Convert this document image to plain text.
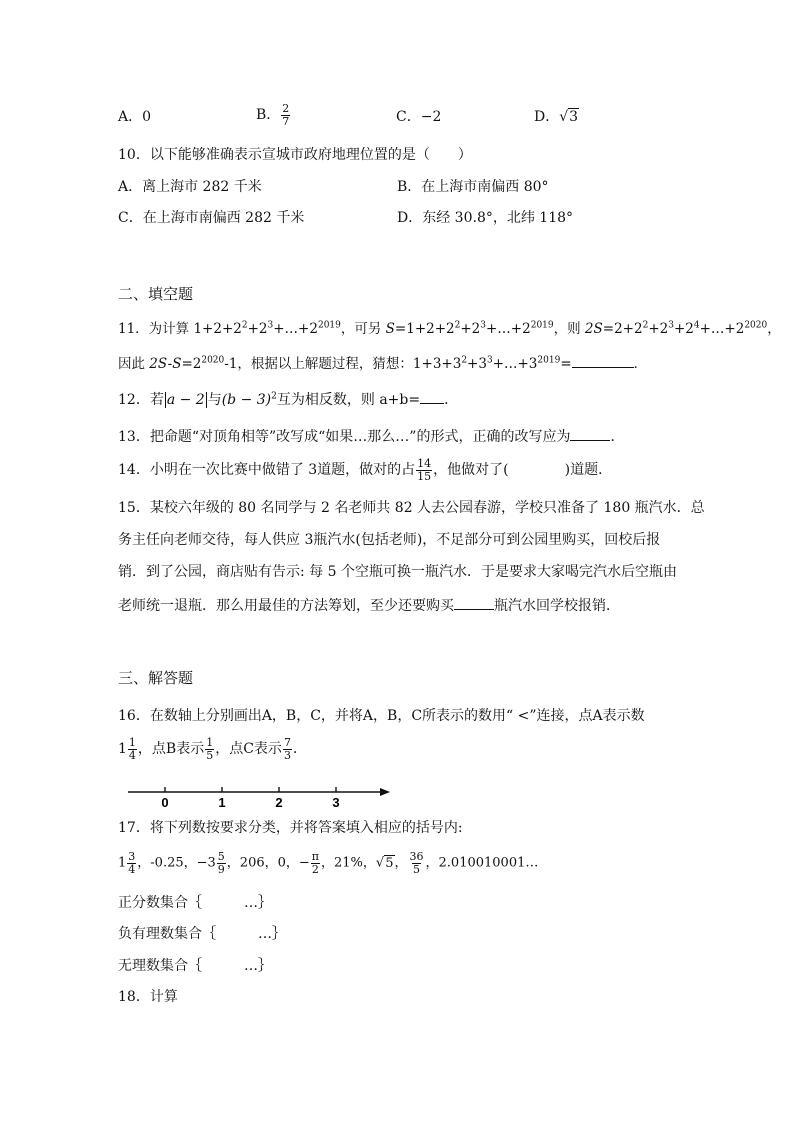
A．0	B． $\frac{2}{7}$	C．−2	D．√3
10．以下能够准确表示宣城市政府地理位置的是（　　）
A．离上海市 282 千米	B．在上海市南偏西 80°
C．在上海市南偏西 282 千米	D．东经 30.8°，北纬 118°
二、填空题
11．为计算 $1+2+2^2+2^3+\dots+2^{2019}$，可另 $S=1+2+2^2+2^3+\dots+2^{2019}$，则 $2S=2+2^2+2^3+2^4+\dots+2^{2020}$，
因此 $2S-S=2^{2020}-1$，根据以上解题过程，猜想：$1+3+3^2+3^3+\dots+3^{2019}=$	．
12．若 a − 2 与$(b - 3)^2$互为相反数，则 a+b= ．
13．把命题“对顶角相等”改写成“如果…那么…”的形式，正确的改写应为	．
14．小明在一次比赛中做错了 3道题，做对的占 $\frac{14}{15}$ ，他做对了(　　　　)道题．
15．某校六年级的 80 名同学与 2 名老师共 82 人去公园春游，学校只准备了 180 瓶汽水．总
务主任向老师交待，每人供应 3瓶汽水(包括老师)，不足部分可到公园里购买，回校后报
销．到了公园，商店贴有告示: 每 5 个空瓶可换一瓶汽水．于是要求大家喝完汽水后空瓶由
老师统一退瓶．那么用最佳的方法筹划，至少还要购买	瓶汽水回学校报销．
三、解答题
16．在数轴上分别画出A，B，C，并将A，B，C所表示的数用“ <”连接，点A表示数
$1 \frac{1}{4}$ ，点B表示 $\frac{1}{5}$ ，点C表示 $\frac{7}{3}$ ．
0	1	2	3
17．将下列数按要求分类，并将答案填入相应的括号内:
$1 \frac{3}{4}$ ，-0.25，$-3 \frac{5}{9}$ ，206，0，− $\frac{\pi}{2}$ ，21%，√5， $\frac{36}{5}$ ，2.010010001…
正分数集合｛　　　…｝
负有理数集合｛　　　…｝
无理数集合｛　　　…｝
18．计算
